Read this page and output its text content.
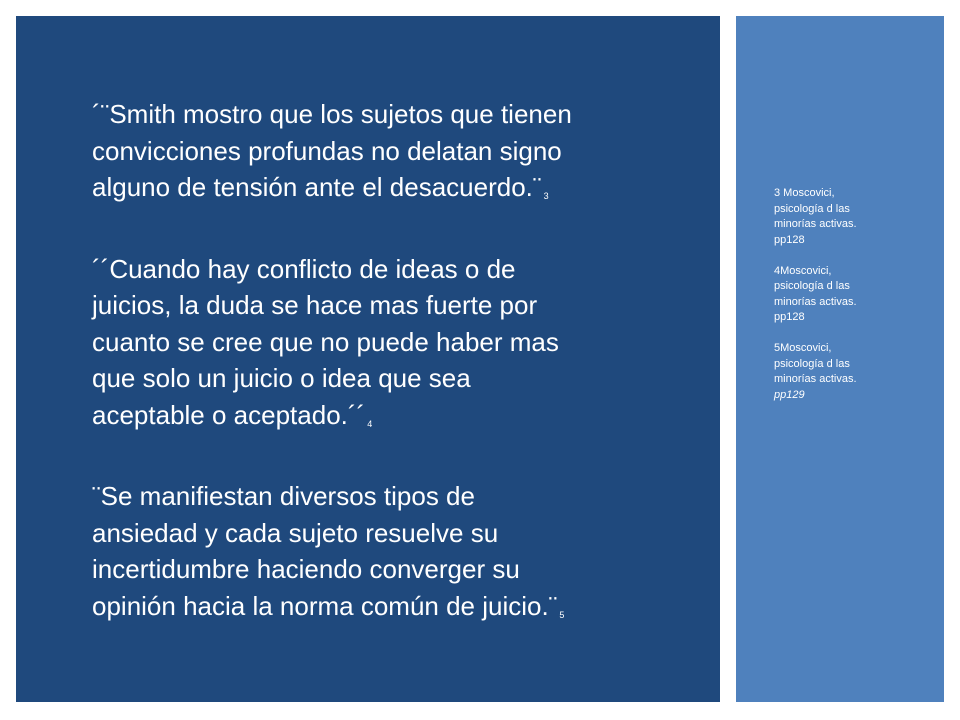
´¨Smith mostro que los sujetos que tienen
convicciones profundas no delatan signo
alguno de tensión ante el desacuerdo.¨ 3

´´Cuando hay conflicto de ideas o de
juicios, la duda se hace mas fuerte por
cuanto se cree que no puede haber mas
que solo un juicio o idea que sea
aceptable o aceptado.´´ 4

¨Se manifiestan diversos tipos de
ansiedad y cada sujeto resuelve su
incertidumbre haciendo converger su
opinión hacia la norma común de juicio.¨ 5

3 Moscovici,
psicología d las
minorías activas.
pp128

4Moscovici,
psicología d las
minorías activas.
pp128

5Moscovici,
psicología d las
minorías activas.
pp129
